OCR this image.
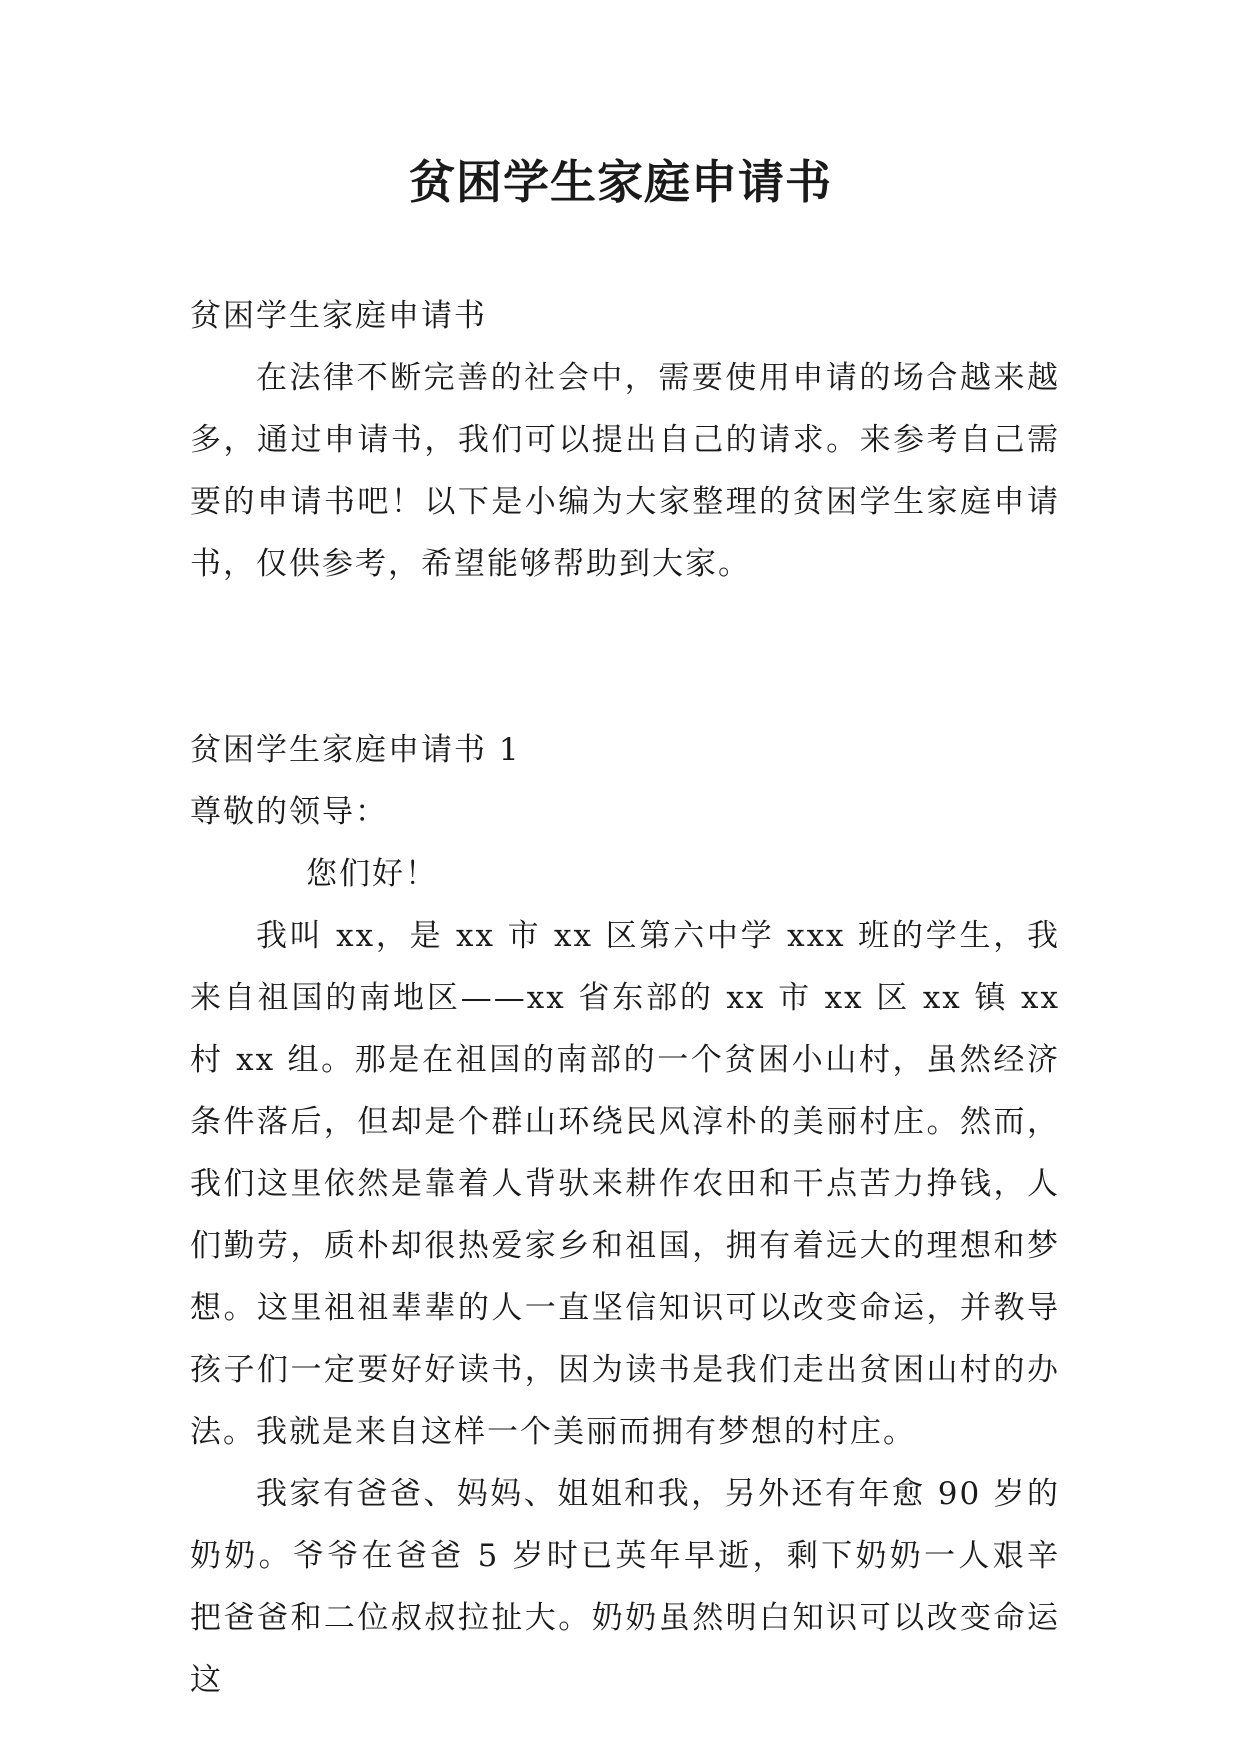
贫困学生家庭申请书

贫困学生家庭申请书

在法律不断完善的社会中，需要使用申请的场合越来越多，通过申请书，我们可以提出自己的请求。来参考自己需要的申请书吧！以下是小编为大家整理的贫困学生家庭申请书，仅供参考，希望能够帮助到大家。

贫困学生家庭申请书 1

尊敬的领导：

您们好！

我叫 xx，是 xx 市 xx 区第六中学 xxx 班的学生，我来自祖国的南地区——xx 省东部的 xx 市 xx 区 xx 镇 xx 村 xx 组。那是在祖国的南部的一个贫困小山村，虽然经济条件落后，但却是个群山环绕民风淳朴的美丽村庄。然而，我们这里依然是靠着人背驮来耕作农田和干点苦力挣钱，人们勤劳，质朴却很热爱家乡和祖国，拥有着远大的理想和梦想。这里祖祖辈辈的人一直坚信知识可以改变命运，并教导孩子们一定要好好读书，因为读书是我们走出贫困山村的办法。我就是来自这样一个美丽而拥有梦想的村庄。

我家有爸爸、妈妈、姐姐和我，另外还有年愈 90 岁的奶奶。爷爷在爸爸 5 岁时已英年早逝，剩下奶奶一人艰辛把爸爸和二位叔叔拉扯大。奶奶虽然明白知识可以改变命运这
